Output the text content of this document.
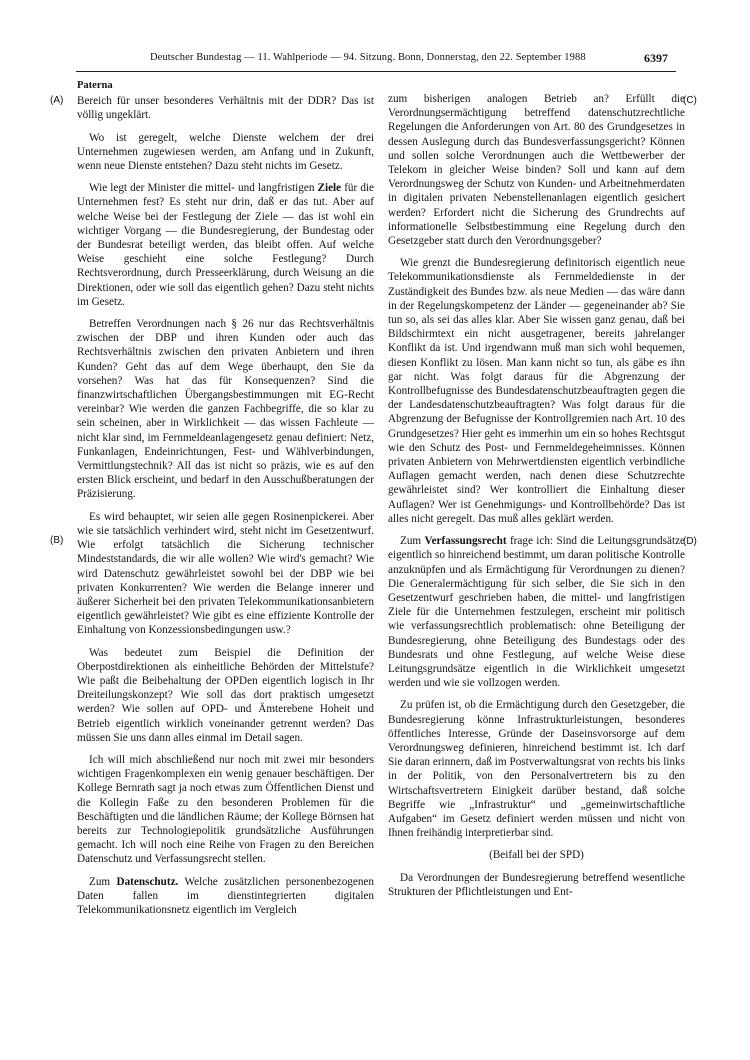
Deutscher Bundestag — 11. Wahlperiode — 94. Sitzung. Bonn, Donnerstag, den 22. September 1988	6397
(A)
(B)
(C)
(D)
Paterna

Bereich für unser besonderes Verhältnis mit der DDR? Das ist völlig ungeklärt.

Wo ist geregelt, welche Dienste welchem der drei Unternehmen zugewiesen werden, am Anfang und in Zukunft, wenn neue Dienste entstehen? Dazu steht nichts im Gesetz.

Wie legt der Minister die mittel- und langfristigen Ziele für die Unternehmen fest? Es steht nur drin, daß er das tut. Aber auf welche Weise bei der Festlegung der Ziele — das ist wohl ein wichtiger Vorgang — die Bundesregierung, der Bundestag oder der Bundesrat beteiligt werden, das bleibt offen. Auf welche Weise geschieht eine solche Festlegung? Durch Rechtsverordnung, durch Presseerklärung, durch Weisung an die Direktionen, oder wie soll das eigentlich gehen? Dazu steht nichts im Gesetz.

Betreffen Verordnungen nach § 26 nur das Rechtsverhältnis zwischen der DBP und ihren Kunden oder auch das Rechtsverhältnis zwischen den privaten Anbietern und ihren Kunden? Geht das auf dem Wege überhaupt, den Sie da vorsehen? Was hat das für Konsequenzen? Sind die finanzwirtschaftlichen Übergangsbestimmungen mit EG-Recht vereinbar? Wie werden die ganzen Fachbegriffe, die so klar zu sein scheinen, aber in Wirklichkeit — das wissen Fachleute — nicht klar sind, im Fernmeldeanlagengesetz genau definiert: Netz, Funkanlagen, Endeinrichtungen, Fest- und Wählverbindungen, Vermittlungstechnik? All das ist nicht so präzis, wie es auf den ersten Blick erscheint, und bedarf in den Ausschußberatungen der Präzisierung.

Es wird behauptet, wir seien alle gegen Rosinenpickerei. Aber wie sie tatsächlich verhindert wird, steht nicht im Gesetzentwurf. Wie erfolgt tatsächlich die Sicherung technischer Mindeststandards, die wir alle wollen? Wie wird's gemacht? Wie wird Datenschutz gewährleistet sowohl bei der DBP wie bei privaten Konkurrenten? Wie werden die Belange innerer und äußerer Sicherheit bei den privaten Telekommunikationsanbietern eigentlich gewährleistet? Wie gibt es eine effiziente Kontrolle der Einhaltung von Konzessionsbedingungen usw.?

Was bedeutet zum Beispiel die Definition der Oberpostdirektionen als einheitliche Behörden der Mittelstufe? Wie paßt die Beibehaltung der OPDen eigentlich logisch in Ihr Dreiteilungskonzept? Wie soll das dort praktisch umgesetzt werden? Wie sollen auf OPD- und Ämterebene Hoheit und Betrieb eigentlich wirklich voneinander getrennt werden? Das müssen Sie uns dann alles einmal im Detail sagen.

Ich will mich abschließend nur noch mit zwei mir besonders wichtigen Fragenkomplexen ein wenig genauer beschäftigen. Der Kollege Bernrath sagt ja noch etwas zum Öffentlichen Dienst und die Kollegin Faße zu den besonderen Problemen für die Beschäftigten und die ländlichen Räume; der Kollege Börnsen hat bereits zur Technologiepolitik grundsätzliche Ausführungen gemacht. Ich will noch eine Reihe von Fragen zu den Bereichen Datenschutz und Verfassungsrecht stellen.

Zum Datenschutz. Welche zusätzlichen personenbezogenen Daten fallen im dienstintegrierten digitalen Telekommunikationsnetz eigentlich im Vergleich

zum bisherigen analogen Betrieb an? Erfüllt die Verordnungsermächtigung betreffend datenschutzrechtliche Regelungen die Anforderungen von Art. 80 des Grundgesetzes in dessen Auslegung durch das Bundesverfassungsgericht? Können und sollen solche Verordnungen auch die Wettbewerber der Telekom in gleicher Weise binden? Soll und kann auf dem Verordnungsweg der Schutz von Kunden- und Arbeitnehmerdaten in digitalen privaten Nebenstellenanlagen eigentlich gesichert werden? Erfordert nicht die Sicherung des Grundrechts auf informationelle Selbstbestimmung eine Regelung durch den Gesetzgeber statt durch den Verordnungsgeber?

Wie grenzt die Bundesregierung definitorisch eigentlich neue Telekommunikationsdienste als Fernmeldedienste in der Zuständigkeit des Bundes bzw. als neue Medien — das wäre dann in der Regelungskompetenz der Länder — gegeneinander ab? Sie tun so, als sei das alles klar. Aber Sie wissen ganz genau, daß bei Bildschirmtext ein nicht ausgetragener, bereits jahrelanger Konflikt da ist. Und irgendwann muß man sich wohl bequemen, diesen Konflikt zu lösen. Man kann nicht so tun, als gäbe es ihn gar nicht. Was folgt daraus für die Abgrenzung der Kontrollbefugnisse des Bundesdatenschutzbeauftragten gegen die der Landesdatenschutzbeauftragten? Was folgt daraus für die Abgrenzung der Befugnisse der Kontrollgremien nach Art. 10 des Grundgesetzes? Hier geht es immerhin um ein so hohes Rechtsgut wie den Schutz des Post- und Fernmeldegeheimnisses. Können privaten Anbietern von Mehrwertdiensten eigentlich verbindliche Auflagen gemacht werden, nach denen diese Schutzrechte gewährleistet sind? Wer kontrolliert die Einhaltung dieser Auflagen? Wer ist Genehmigungs- und Kontrollbehörde? Das ist alles nicht geregelt. Das muß alles geklärt werden.

Zum Verfassungsrecht frage ich: Sind die Leitungsgrundsätze eigentlich so hinreichend bestimmt, um daran politische Kontrolle anzuknüpfen und als Ermächtigung für Verordnungen zu dienen? Die Generalermächtigung für sich selber, die Sie sich in den Gesetzentwurf geschrieben haben, die mittel- und langfristigen Ziele für die Unternehmen festzulegen, erscheint mir politisch wie verfassungsrechtlich problematisch: ohne Beteiligung der Bundesregierung, ohne Beteiligung des Bundestags oder des Bundesrats und ohne Festlegung, auf welche Weise diese Leitungsgrundsätze eigentlich in die Wirklichkeit umgesetzt werden und wie sie vollzogen werden.

Zu prüfen ist, ob die Ermächtigung durch den Gesetzgeber, die Bundesregierung könne Infrastrukturleistungen, besonderes öffentliches Interesse, Gründe der Daseinsvorsorge auf dem Verordnungsweg definieren, hinreichend bestimmt ist. Ich darf Sie daran erinnern, daß im Postverwaltungsrat von rechts bis links in der Politik, von den Personalvertretern bis zu den Wirtschaftsvertretern Einigkeit darüber bestand, daß solche Begriffe wie „Infrastruktur“ und „gemeinwirtschaftliche Aufgaben“ im Gesetz definiert werden müssen und nicht von Ihnen freihändig interpretierbar sind.

(Beifall bei der SPD)

Da Verordnungen der Bundesregierung betreffend wesentliche Strukturen der Pflichtleistungen und Ent-
